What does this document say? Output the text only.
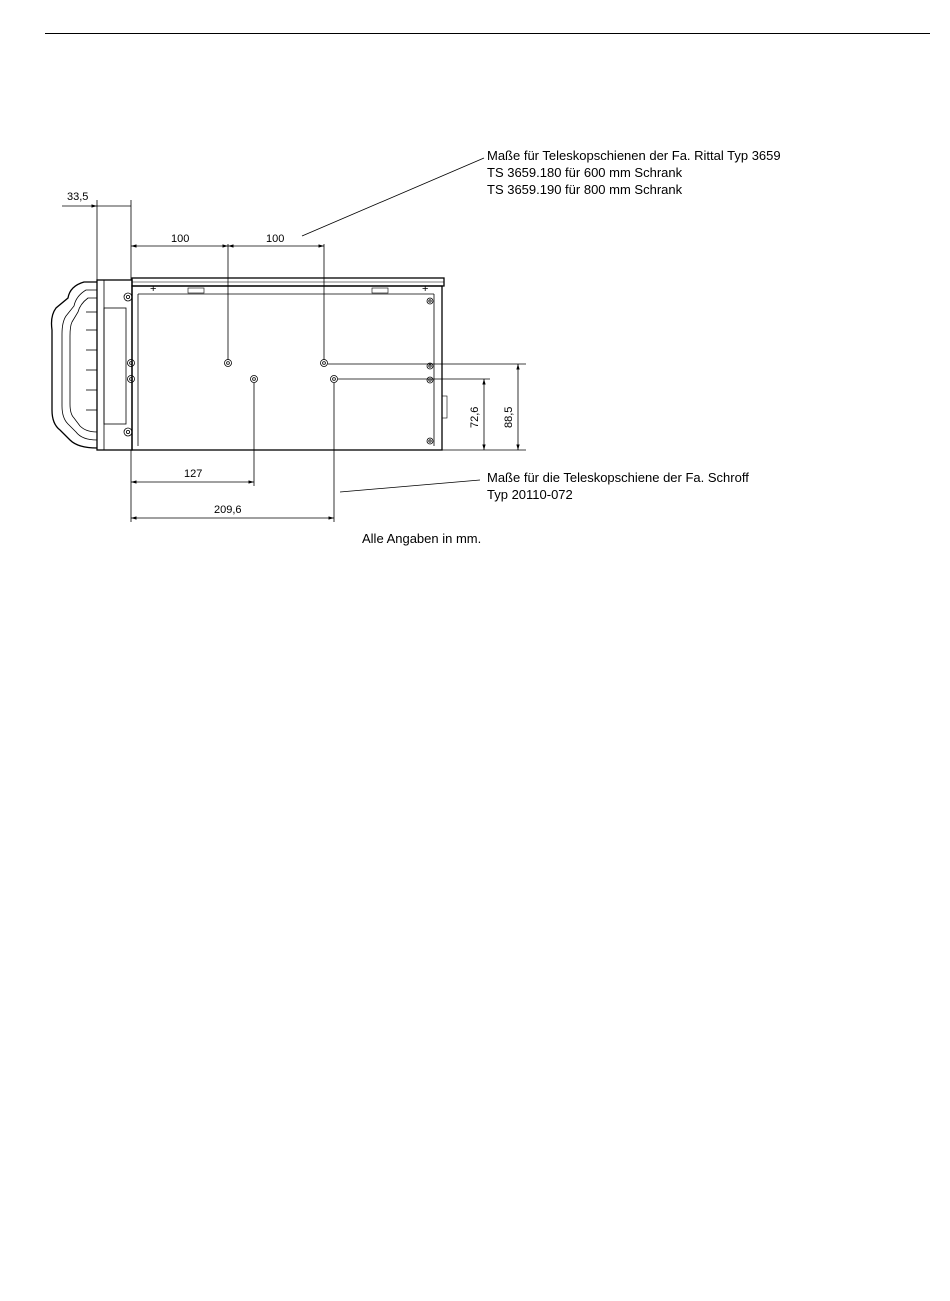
+	+
33,5
100	100
127
209,6
72,6 88,5
Maße für Teleskopschienen der Fa. Rittal Typ 3659
TS 3659.180 für 600 mm Schrank
TS 3659.190 für 800 mm Schrank
Maße für die Teleskopschiene der Fa. Schroff
Typ 20110-072
Alle Angaben in mm.
